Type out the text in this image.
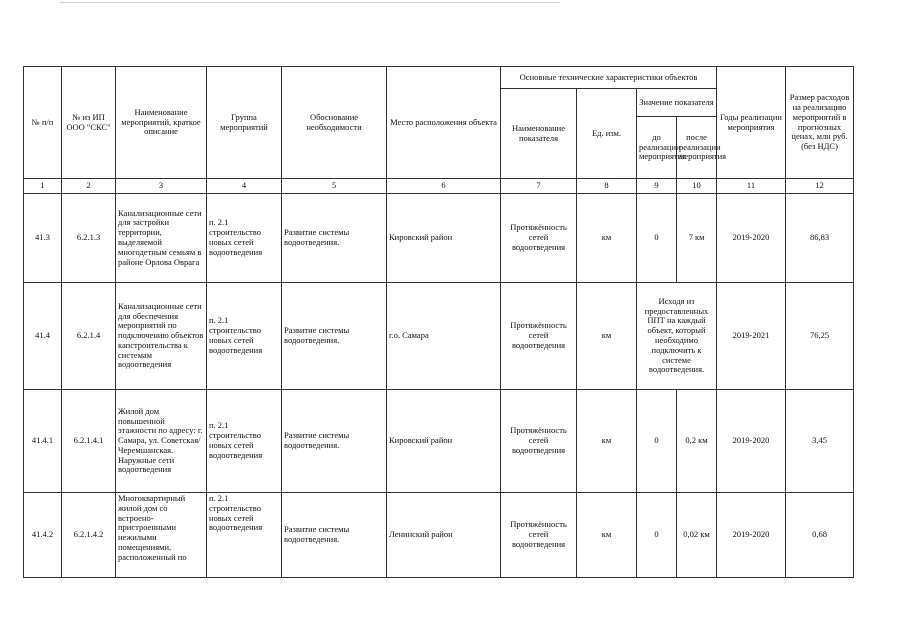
№ п/п	№ из ИП ООО "СКС"	Наименование мероприятий, краткое описание	Группа мероприятий	Обоснование необходимости	Место расположения объекта	Основные технические характеристики объектов				Годы реализации мероприятия	Размер расходов на реализацию мероприятий в прогнозных ценах, млн руб. (без НДС)
						Наименование показателя	Ед. изм.	Значение показателя			
								до реализации мероприятия	после реализации мероприятия		
1	2	3	4	5	6	7	8	9	10	11	12
41.3	6.2.1.3	Канализационные сети для застройки территории, выделяемой многодетным семьям в районе Орлова Оврага	п. 2.1 строительство новых сетей водоотведения	Развитие системы водоотведения.	Кировский район	Протяжённость сетей водоотведения	км	0	7 км	2019-2020	86,83
41.4	6.2.1.4	Канализационные сети для обеспечения мероприятий по подключению объектов капстроительства к системам водоотведения	п. 2.1 строительство новых сетей водоотведения	Развитие системы водоотведения.	г.о. Самара	Протяжённость сетей водоотведения	км	Исходя из предоставленных ППТ на каждый объект, который необходимо подключить к системе водоотведения.		2019-2021	76,25
41.4.1	6.2.1.4.1	Жилой дом повышенной этажности по адресу: г. Самара, ул. Советская/Черемшанская. Наружные сети водоотведения	п. 2.1 строительство новых сетей водоотведения	Развитие системы водоотведения.	Кировский район	Протяжённость сетей водоотведения	км	0	0,2 км	2019-2020	3,45
41.4.2	6.2.1.4.2	Многоквартирный жилой дом со встроено-пристроенными нежилыми помещениями, расположенный по	п. 2.1 строительство новых сетей водоотведения	Развитие системы водоотведения.	Ленинский район	Протяжённость сетей водоотведения	км	0	0,02 км	2019-2020	0,68
